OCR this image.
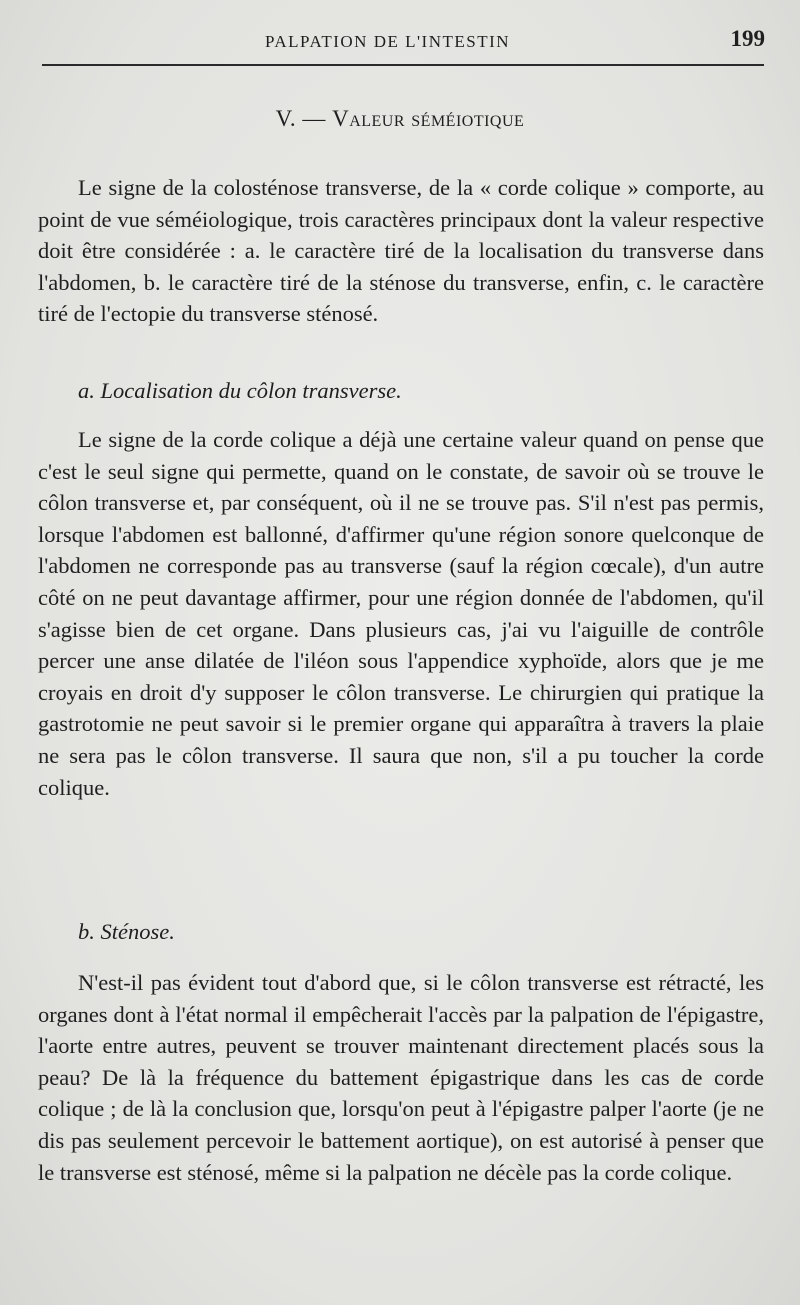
PALPATION DE L'INTESTIN	199
V. — Valeur séméiotique
Le signe de la colosténose transverse, de la « corde colique » comporte, au point de vue séméiologique, trois caractères principaux dont la valeur respective doit être considérée : a. le caractère tiré de la localisation du transverse dans l'abdomen, b. le caractère tiré de la sténose du transverse, enfin, c. le caractère tiré de l'ectopie du transverse sténosé.
a. Localisation du côlon transverse.
Le signe de la corde colique a déjà une certaine valeur quand on pense que c'est le seul signe qui permette, quand on le constate, de savoir où se trouve le côlon transverse et, par conséquent, où il ne se trouve pas. S'il n'est pas permis, lorsque l'abdomen est ballonné, d'affirmer qu'une région sonore quelconque de l'abdomen ne corresponde pas au transverse (sauf la région cœcale), d'un autre côté on ne peut davantage affirmer, pour une région donnée de l'abdomen, qu'il s'agisse bien de cet organe. Dans plusieurs cas, j'ai vu l'aiguille de contrôle percer une anse dilatée de l'iléon sous l'appendice xyphoïde, alors que je me croyais en droit d'y supposer le côlon transverse. Le chirurgien qui pratique la gastrotomie ne peut savoir si le premier organe qui apparaîtra à travers la plaie ne sera pas le côlon transverse. Il saura que non, s'il a pu toucher la corde colique.
b. Sténose.
N'est-il pas évident tout d'abord que, si le côlon transverse est rétracté, les organes dont à l'état normal il empêcherait l'accès par la palpation de l'épigastre, l'aorte entre autres, peuvent se trouver maintenant directement placés sous la peau? De là la fréquence du battement épigastrique dans les cas de corde colique ; de là la conclusion que, lorsqu'on peut à l'épigastre palper l'aorte (je ne dis pas seulement percevoir le battement aortique), on est autorisé à penser que le transverse est sténosé, même si la palpation ne décèle pas la corde colique.
